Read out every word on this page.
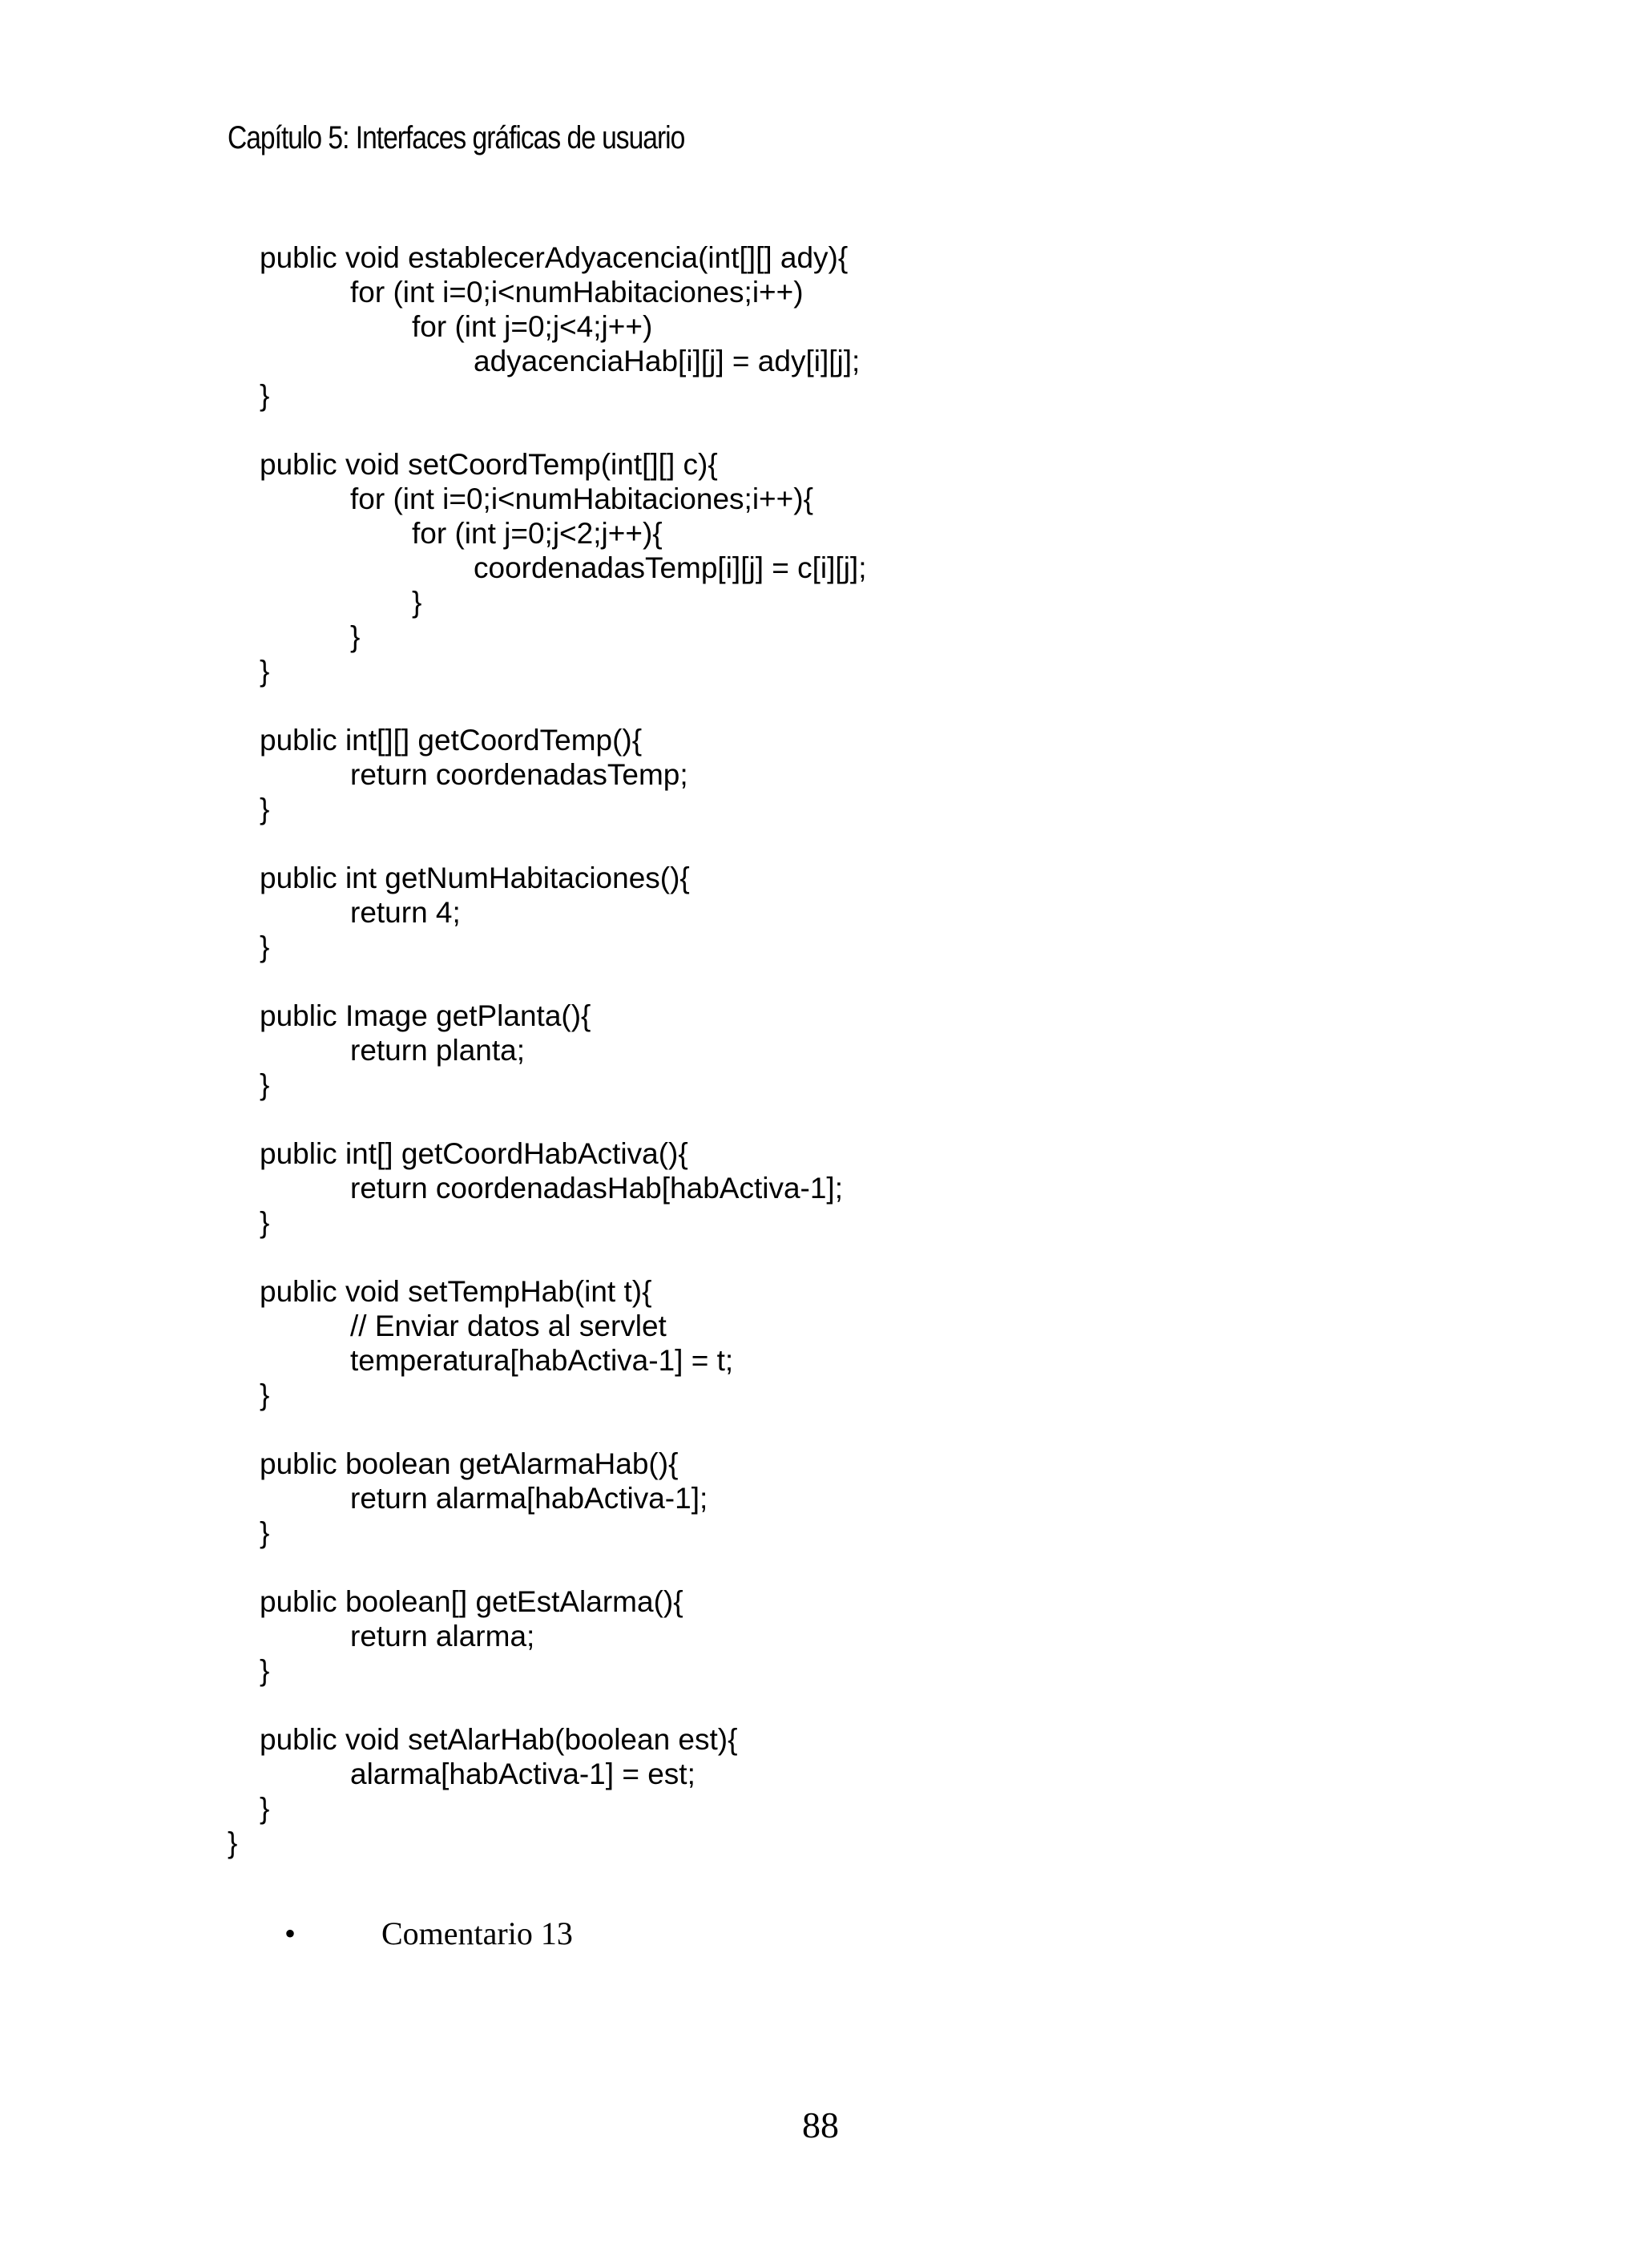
Capítulo 5: Interfaces gráficas de usuario
public void establecerAdyacencia(int[][] ady){
for (int i=0;i<numHabitaciones;i++)
for (int j=0;j<4;j++)
adyacenciaHab[i][j] = ady[i][j];
}
public void setCoordTemp(int[][] c){
for (int i=0;i<numHabitaciones;i++){
for (int j=0;j<2;j++){
coordenadasTemp[i][j] = c[i][j];
}
}
}
public int[][] getCoordTemp(){
return coordenadasTemp;
}
public int getNumHabitaciones(){
return 4;
}
public Image getPlanta(){
return planta;
}
public int[] getCoordHabActiva(){
return coordenadasHab[habActiva-1];
}
public void setTempHab(int t){
// Enviar datos al servlet
temperatura[habActiva-1] = t;
}
public boolean getAlarmaHab(){
return alarma[habActiva-1];
}
public boolean[] getEstAlarma(){
return alarma;
}
public void setAlarHab(boolean est){
alarma[habActiva-1] = est;
}
}
•	Comentario 13
88
